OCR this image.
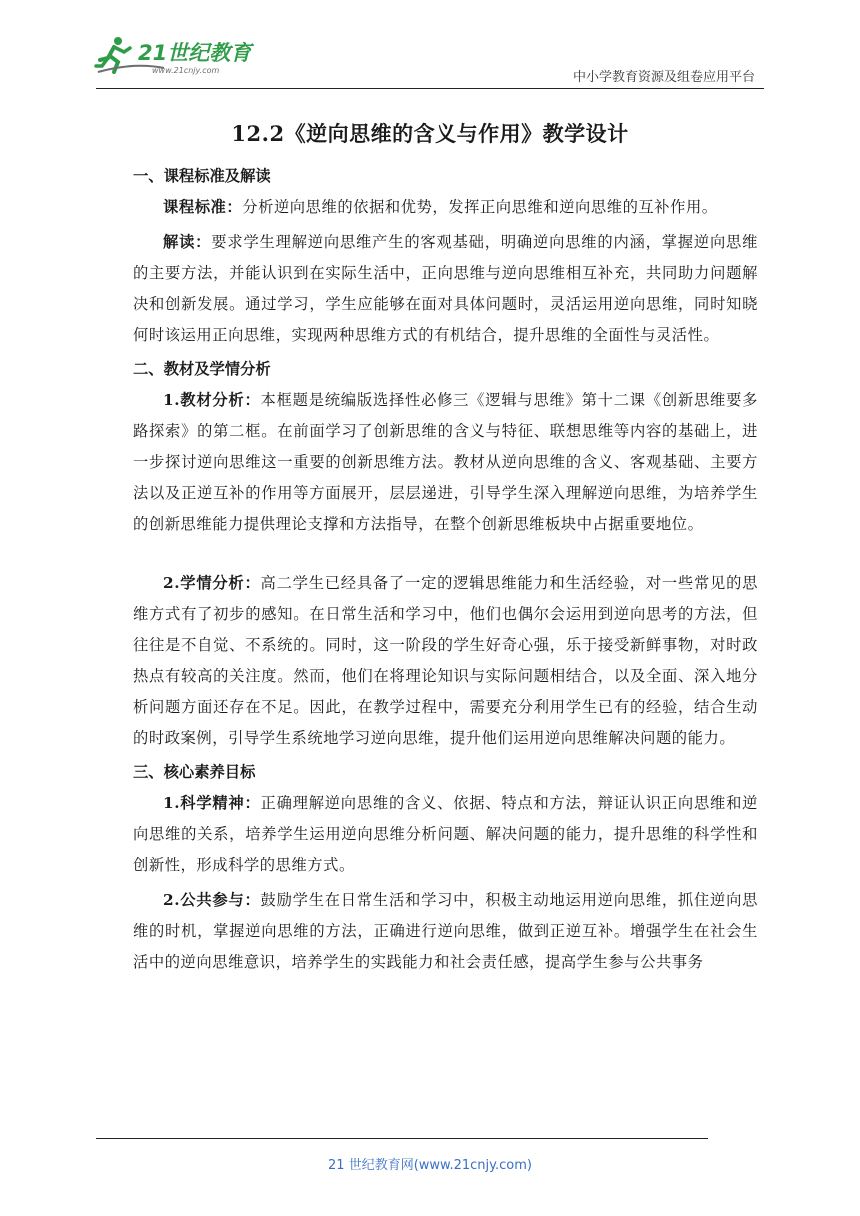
21世纪教育
www.21cnjy.com	中小学教育资源及组卷应用平台
12.2《逆向思维的含义与作用》教学设计
一、课程标准及解读

课程标准：分析逆向思维的依据和优势，发挥正向思维和逆向思维的互补作用。

解读：要求学生理解逆向思维产生的客观基础，明确逆向思维的内涵，掌握逆向思维的主要方法，并能认识到在实际生活中，正向思维与逆向思维相互补充，共同助力问题解决和创新发展。通过学习，学生应能够在面对具体问题时，灵活运用逆向思维，同时知晓何时该运用正向思维，实现两种思维方式的有机结合，提升思维的全面性与灵活性。

二、教材及学情分析

1.教材分析：本框题是统编版选择性必修三《逻辑与思维》第十二课《创新思维要多路探索》的第二框。在前面学习了创新思维的含义与特征、联想思维等内容的基础上，进一步探讨逆向思维这一重要的创新思维方法。教材从逆向思维的含义、客观基础、主要方法以及正逆互补的作用等方面展开，层层递进，引导学生深入理解逆向思维，为培养学生的创新思维能力提供理论支撑和方法指导，在整个创新思维板块中占据重要地位。

2.学情分析：高二学生已经具备了一定的逻辑思维能力和生活经验，对一些常见的思维方式有了初步的感知。在日常生活和学习中，他们也偶尔会运用到逆向思考的方法，但往往是不自觉、不系统的。同时，这一阶段的学生好奇心强，乐于接受新鲜事物，对时政热点有较高的关注度。然而，他们在将理论知识与实际问题相结合，以及全面、深入地分析问题方面还存在不足。因此，在教学过程中，需要充分利用学生已有的经验，结合生动的时政案例，引导学生系统地学习逆向思维，提升他们运用逆向思维解决问题的能力。

三、核心素养目标

1.科学精神：正确理解逆向思维的含义、依据、特点和方法，辩证认识正向思维和逆向思维的关系，培养学生运用逆向思维分析问题、解决问题的能力，提升思维的科学性和创新性，形成科学的思维方式。

2.公共参与：鼓励学生在日常生活和学习中，积极主动地运用逆向思维，抓住逆向思维的时机，掌握逆向思维的方法，正确进行逆向思维，做到正逆互补。增强学生在社会生活中的逆向思维意识，培养学生的实践能力和社会责任感，提高学生参与公共事务

21 世纪教育网(www.21cnjy.com)
